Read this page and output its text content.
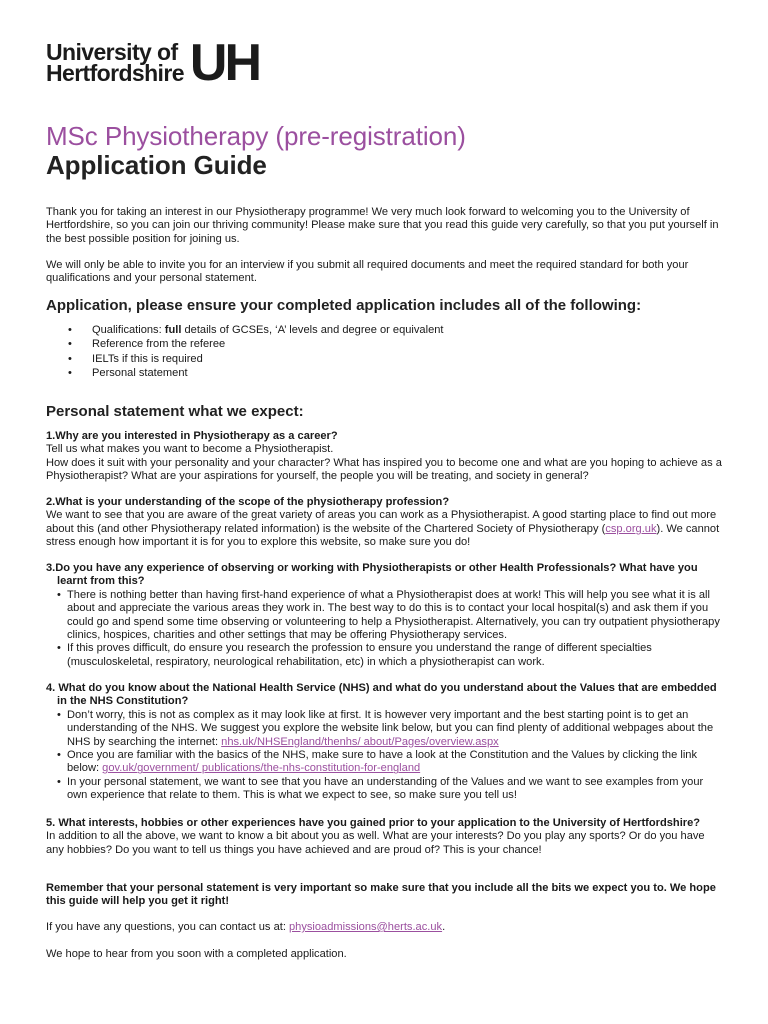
University of
Hertfordshire UH
MSc Physiotherapy (pre-registration)
Application Guide

Thank you for taking an interest in our Physiotherapy programme! We very much look forward to welcoming you to the University of Hertfordshire, so you can join our thriving community! Please make sure that you read this guide very carefully, so that you put yourself in the best possible position for joining us.

We will only be able to invite you for an interview if you submit all required documents and meet the required standard for both your qualifications and your personal statement.

Application, please ensure your completed application includes all of the following:
• Qualifications: full details of GCSEs, ‘A’ levels and degree or equivalent
• Reference from the referee
• IELTs if this is required
• Personal statement
Personal statement what we expect:

1.Why are you interested in Physiotherapy as a career?

Tell us what makes you want to become a Physiotherapist.

How does it suit with your personality and your character? What has inspired you to become one and what are you hoping to achieve as a Physiotherapist? What are your aspirations for yourself, the people you will be treating, and society in general?

2.What is your understanding of the scope of the physiotherapy profession?

We want to see that you are aware of the great variety of areas you can work as a Physiotherapist. A good starting place to find out more about this (and other Physiotherapy related information) is the website of the Chartered Society of Physiotherapy (csp.org.uk). We cannot stress enough how important it is for you to explore this website, so make sure you do!

3.Do you have any experience of observing or working with Physiotherapists or other Health Professionals? What have you learnt from this?

• There is nothing better than having first-hand experience of what a Physiotherapist does at work! This will help you see what it is all about and appreciate the various areas they work in. The best way to do this is to contact your local hospital(s) and ask them if you could go and spend some time observing or volunteering to help a Physiotherapist. Alternatively, you can try outpatient physiotherapy clinics, hospices, charities and other settings that may be offering Physiotherapy services.
• If this proves difficult, do ensure you research the profession to ensure you understand the range of different specialties (musculoskeletal, respiratory, neurological rehabilitation, etc) in which a physiotherapist can work.

4. What do you know about the National Health Service (NHS) and what do you understand about the Values that are embedded in the NHS Constitution?

• Don’t worry, this is not as complex as it may look like at first. It is however very important and the best starting point is to get an understanding of the NHS. We suggest you explore the website link below, but you can find plenty of additional webpages about the NHS by searching the internet: nhs.uk/NHSEngland/thenhs/ about/Pages/overview.aspx
• Once you are familiar with the basics of the NHS, make sure to have a look at the Constitution and the Values by clicking the link below: gov.uk/government/ publications/the-nhs-constitution-for-england
• In your personal statement, we want to see that you have an understanding of the Values and we want to see examples from your own experience that relate to them. This is what we expect to see, so make sure you tell us!

5. What interests, hobbies or other experiences have you gained prior to your application to the University of Hertfordshire?

In addition to all the above, we want to know a bit about you as well. What are your interests? Do you play any sports? Or do you have any hobbies? Do you want to tell us things you have achieved and are proud of? This is your chance!

Remember that your personal statement is very important so make sure that you include all the bits we expect you to. We hope this guide will help you get it right!

If you have any questions, you can contact us at: physioadmissions@herts.ac.uk.

We hope to hear from you soon with a completed application.
